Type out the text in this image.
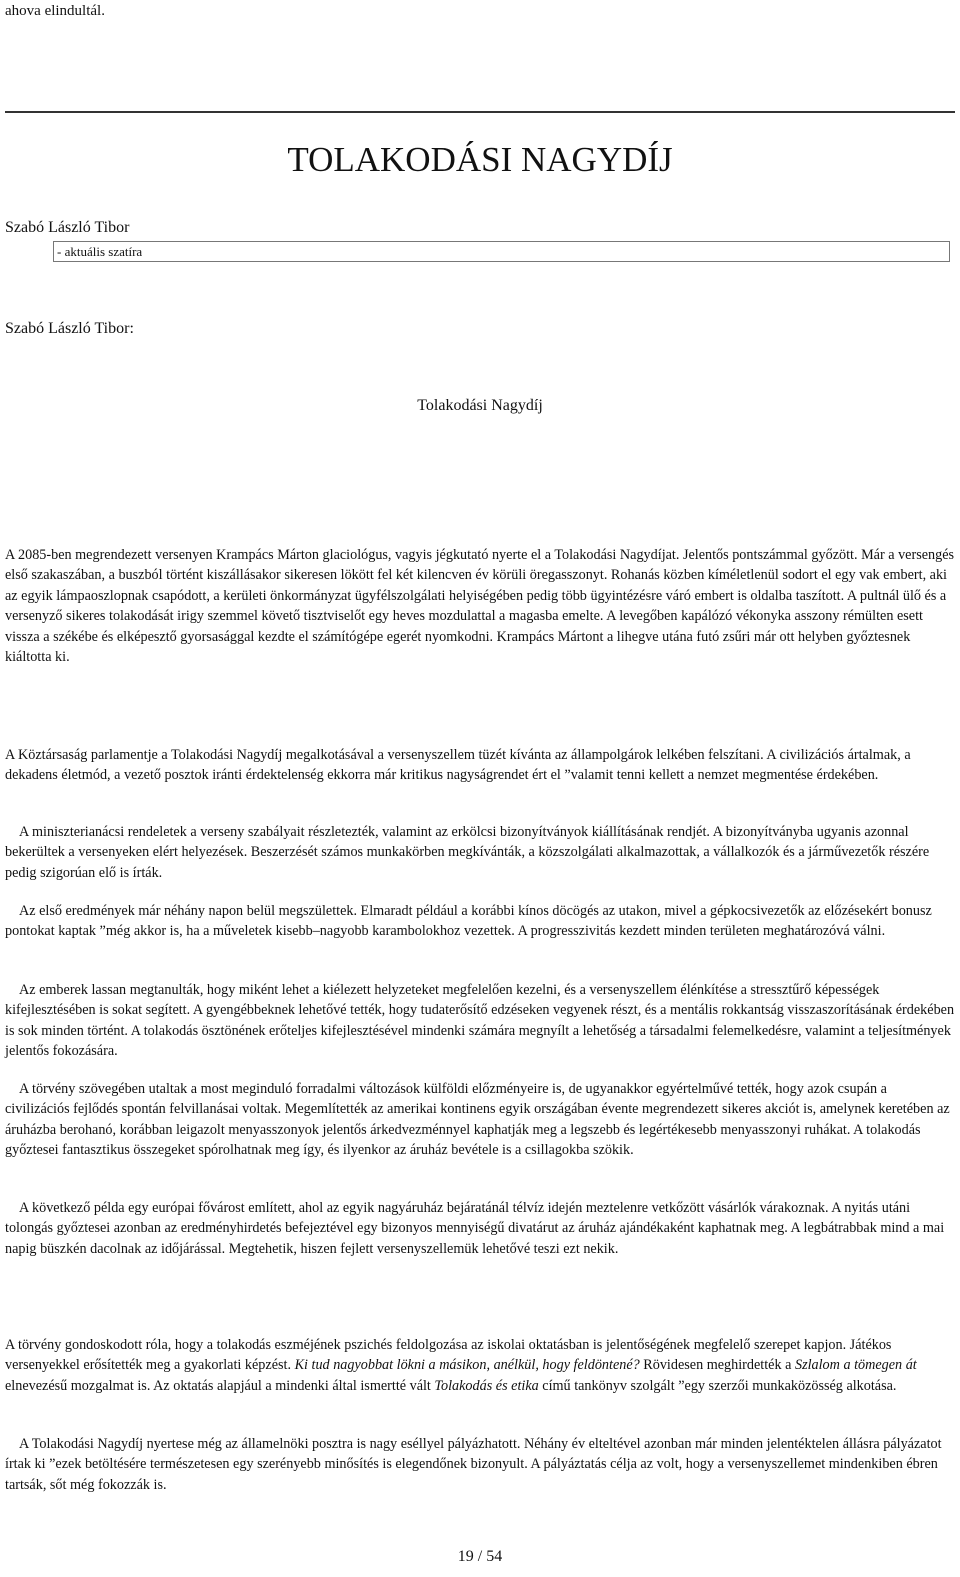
ahova elindultál.
TOLAKODÁSI NAGYDÍJ
Szabó László Tibor
- aktuális szatíra
Szabó László Tibor:
Tolakodási Nagydíj

A 2085-ben megrendezett versenyen Krampács Márton glaciológus, vagyis jégkutató nyerte el a Tolakodási Nagydíjat. Jelentős pontszámmal győzött. Már a versengés első szakaszában, a buszból történt kiszállásakor sikeresen lökött fel két kilencven év körüli öregasszonyt. Rohanás közben kíméletlenül sodort el egy vak embert, aki az egyik lámpaoszlopnak csapódott, a kerületi önkormányzat ügyfélszolgálati helyiségében pedig több ügyintézésre váró embert is oldalba taszított. A pultnál ülő és a versenyző sikeres tolakodását irigy szemmel követő tisztviselőt egy heves mozdulattal a magasba emelte. A levegőben kapálózó vékonyka asszony rémülten esett vissza a székébe és elképesztő gyorsasággal kezdte el számítógépe egerét nyomkodni. Krampács Mártont a lihegve utána futó zsűri már ott helyben győztesnek kiáltotta ki.

A Köztársaság parlamentje a Tolakodási Nagydíj megalkotásával a versenyszellem tüzét kívánta az állampolgárok lelkében felszítani. A civilizációs ártalmak, a dekadens életmód, a vezető posztok iránti érdektelenség ekkorra már kritikus nagyságrendet ért el ”valamit tenni kellett a nemzet megmentése érdekében.

A miniszterianácsi rendeletek a verseny szabályait részletezték, valamint az erkölcsi bizonyítványok kiállításának rendjét. A bizonyítványba ugyanis azonnal bekerültek a versenyeken elért helyezések. Beszerzését számos munkakörben megkívánták, a közszolgálati alkalmazottak, a vállalkozók és a járművezetők részére pedig szigorúan elő is írták.

Az első eredmények már néhány napon belül megszülettek. Elmaradt például a korábbi kínos döcögés az utakon, mivel a gépkocsivezetők az előzésekért bonusz pontokat kaptak ”még akkor is, ha a műveletek kisebb–nagyobb karambolokhoz vezettek. A progresszivitás kezdett minden területen meghatározóvá válni.

Az emberek lassan megtanulták, hogy miként lehet a kiélezett helyzeteket megfelelően kezelni, és a versenyszellem élénkítése a stressztűrő képességek kifejlesztésében is sokat segített. A gyengébbeknek lehetővé tették, hogy tudaterősítő edzéseken vegyenek részt, és a mentális rokkantság visszaszorításának érdekében is sok minden történt. A tolakodás ösztönének erőteljes kifejlesztésével mindenki számára megnyílt a lehetőség a társadalmi felemelkedésre, valamint a teljesítmények jelentős fokozására.

A törvény szövegében utaltak a most meginduló forradalmi változások külföldi előzményeire is, de ugyanakkor egyértelművé tették, hogy azok csupán a civilizációs fejlődés spontán felvillanásai voltak. Megemlítették az amerikai kontinens egyik országában évente megrendezett sikeres akciót is, amelynek keretében az áruházba berohanó, korábban leigazolt menyasszonyok jelentős árkedvezménnyel kaphatják meg a legszebb és legértékesebb menyasszonyi ruhákat. A tolakodás győztesei fantasztikus összegeket spórolhatnak meg így, és ilyenkor az áruház bevétele is a csillagokba szökik.

A következő példa egy európai fővárost említett, ahol az egyik nagyáruház bejáratánál télvíz idején meztelenre vetkőzött vásárlók várakoznak. A nyitás utáni tolongás győztesei azonban az eredményhirdetés befejeztével egy bizonyos mennyiségű divatárut az áruház ajándékaként kaphatnak meg. A legbátrabbak mind a mai napig büszkén dacolnak az időjárással. Megtehetik, hiszen fejlett versenyszellemük lehetővé teszi ezt nekik.

A törvény gondoskodott róla, hogy a tolakodás eszméjének pszichés feldolgozása az iskolai oktatásban is jelentőségének megfelelő szerepet kapjon. Játékos versenyekkel erősítették meg a gyakorlati képzést. Ki tud nagyobbat lökni a másikon, anélkül, hogy feldöntené? Rövidesen meghirdették a Szlalom a tömegen át elnevezésű mozgalmat is. Az oktatás alapjául a mindenki által ismertté vált Tolakodás és etika című tankönyv szolgált ”egy szerzői munkaközösség alkotása.

A Tolakodási Nagydíj nyertese még az államelnöki posztra is nagy eséllyel pályázhatott. Néhány év elteltével azonban már minden jelentéktelen állásra pályázatot írtak ki ”ezek betöltésére természetesen egy szerényebb minősítés is elegendőnek bizonyult. A pályáztatás célja az volt, hogy a versenyszellemet mindenkiben ébren tartsák, sőt még fokozzák is.

19 / 54
